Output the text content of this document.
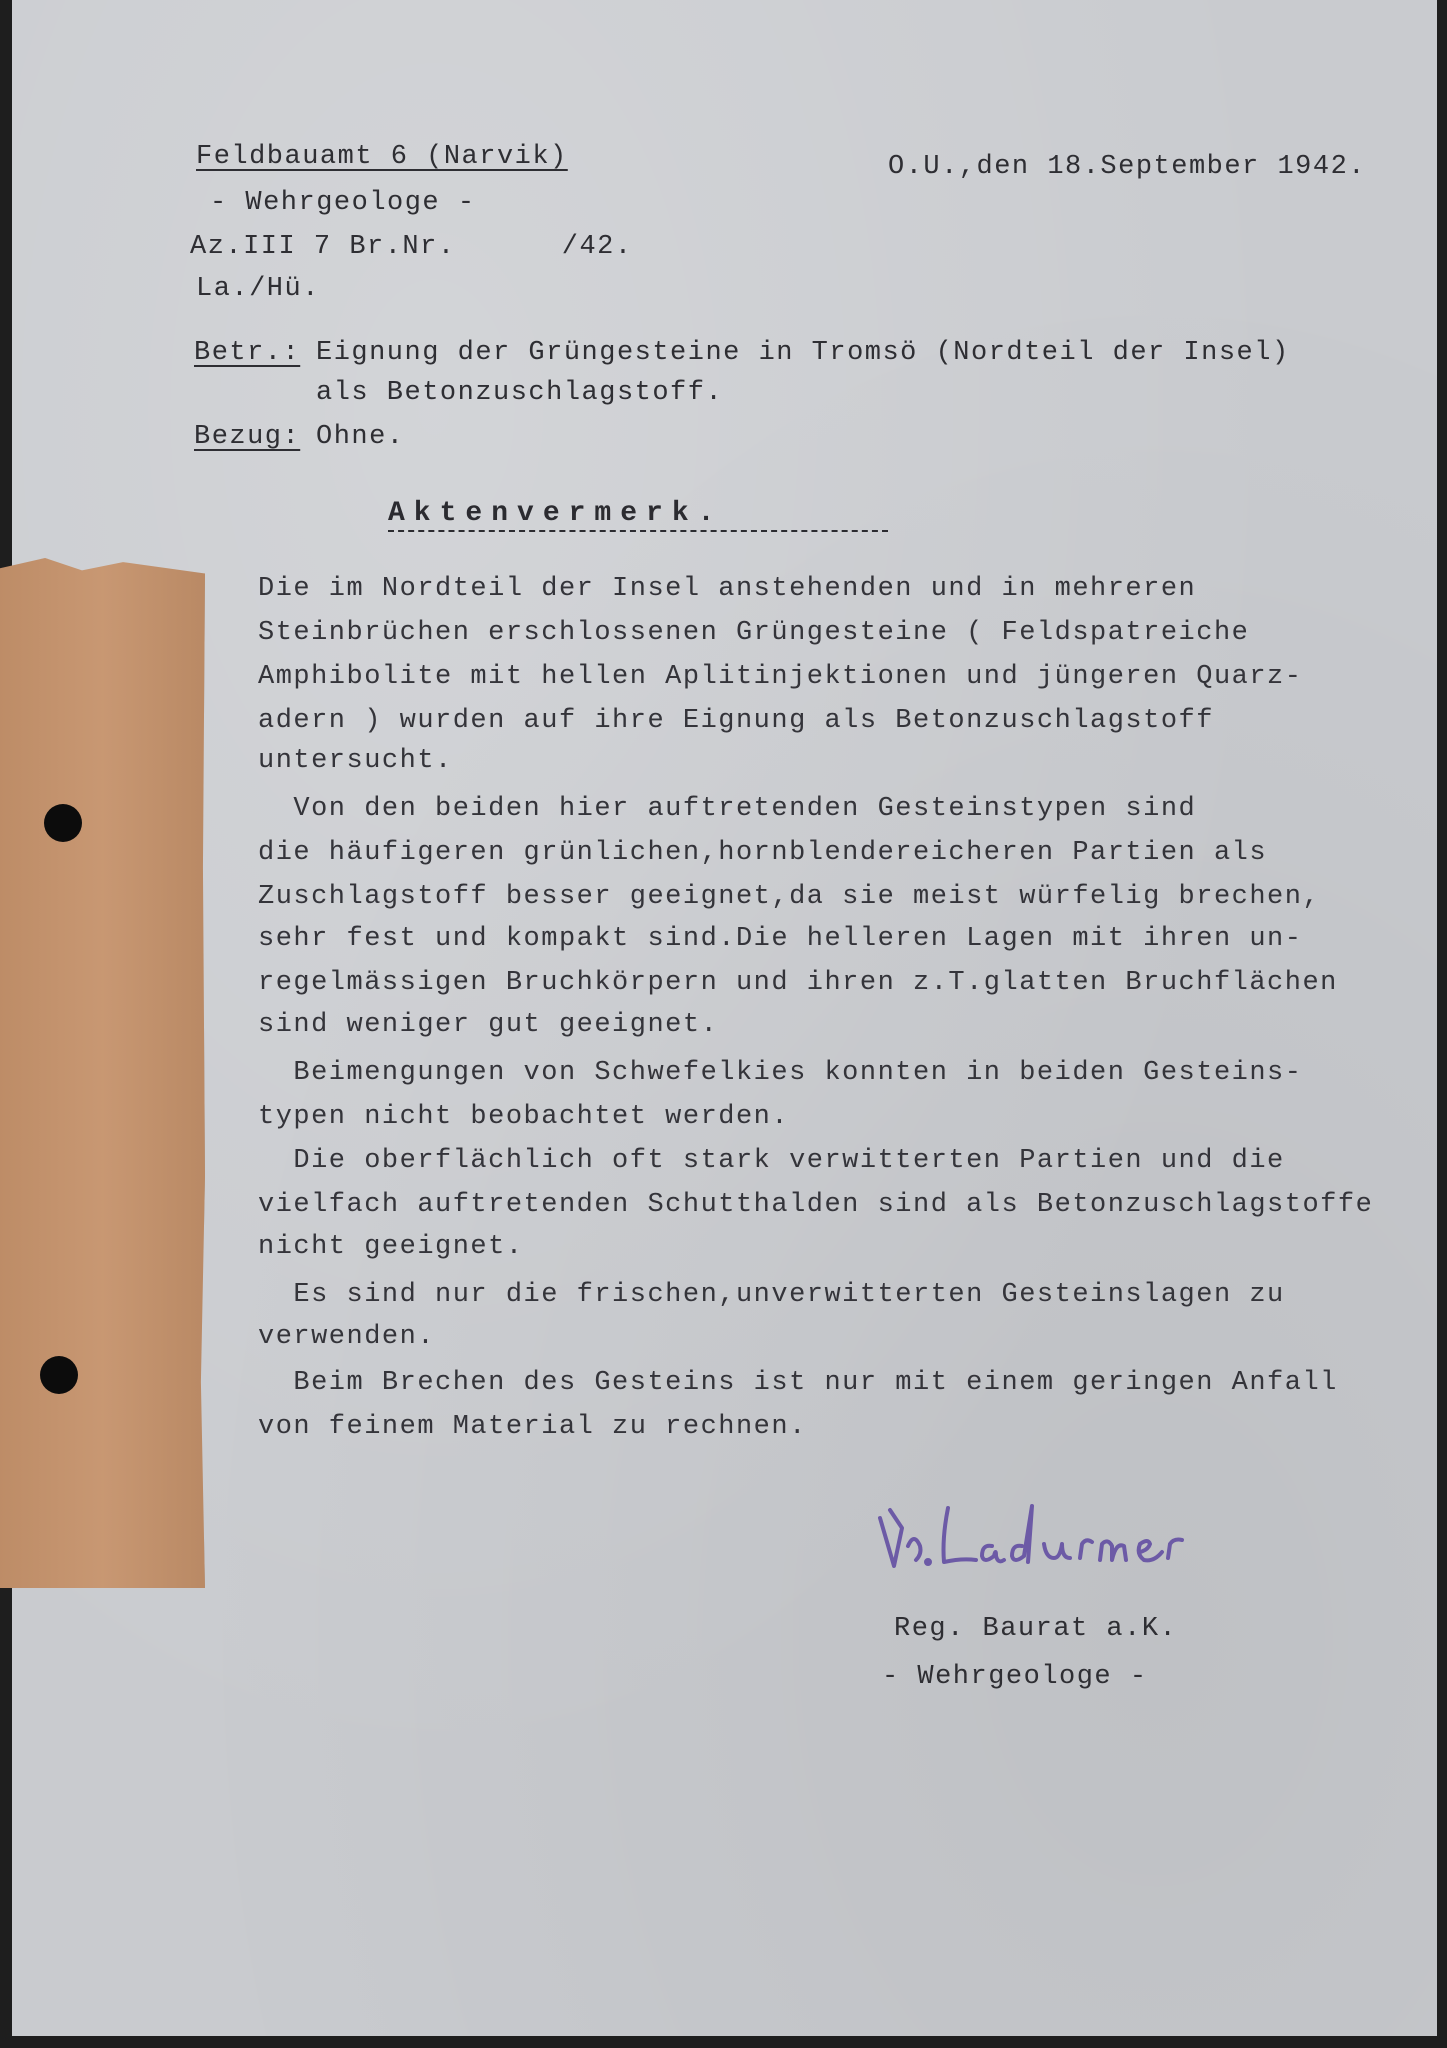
Feldbauamt 6 (Narvik)	O.U.,den 18.September 1942.
- Wehrgeologe -
Az.III 7 Br.Nr.      /42.
La./Hü.
Betr.: Eignung der Grüngesteine in Tromsö (Nordteil der Insel)
als Betonzuschlagstoff.
Bezug: Ohne.
Aktenvermerk.
Die im Nordteil der Insel anstehenden und in mehreren
Steinbrüchen erschlossenen Grüngesteine ( Feldspatreiche
Amphibolite mit hellen Aplitinjektionen und jüngeren Quarz-
adern ) wurden auf ihre Eignung als Betonzuschlagstoff
untersucht.
Von den beiden hier auftretenden Gesteinstypen sind
die häufigeren grünlichen,hornblendereicheren Partien als
Zuschlagstoff besser geeignet,da sie meist würfelig brechen,
sehr fest und kompakt sind.Die helleren Lagen mit ihren un-
regelmässigen Bruchkörpern und ihren z.T.glatten Bruchflächen
sind weniger gut geeignet.
Beimengungen von Schwefelkies konnten in beiden Gesteins-
typen nicht beobachtet werden.
Die oberflächlich oft stark verwitterten Partien und die
vielfach auftretenden Schutthalden sind als Betonzuschlagstoffe
nicht geeignet.
Es sind nur die frischen,unverwitterten Gesteinslagen zu
verwenden.
Beim Brechen des Gesteins ist nur mit einem geringen Anfall
von feinem Material zu rechnen.
Reg. Baurat a.K.
- Wehrgeologe -
